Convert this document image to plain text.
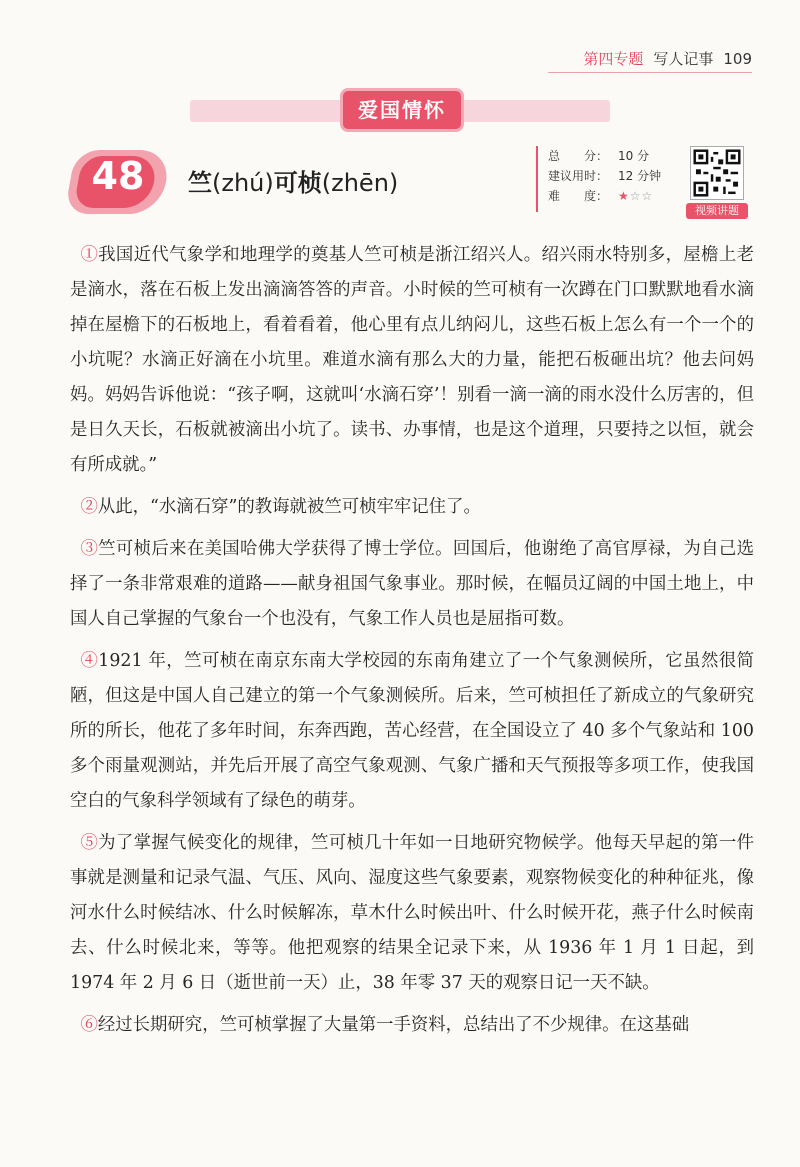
第四专题 写人记事 109
爱国情怀
48 竺(zhú)可桢(zhēn)
总　　分： 10 分
建议用时： 12 分钟
难　　度： ★☆☆
视频讲题

①我国近代气象学和地理学的奠基人竺可桢是浙江绍兴人。绍兴雨水特别多，屋檐上老是滴水，落在石板上发出滴滴答答的声音。小时候的竺可桢有一次蹲在门口默默地看水滴掉在屋檐下的石板地上，看着看着，他心里有点儿纳闷儿，这些石板上怎么有一个一个的小坑呢？水滴正好滴在小坑里。难道水滴有那么大的力量，能把石板砸出坑？他去问妈妈。妈妈告诉他说：“孩子啊，这就叫‘水滴石穿’！别看一滴一滴的雨水没什么厉害的，但是日久天长，石板就被滴出小坑了。读书、办事情，也是这个道理，只要持之以恒，就会有所成就。”

②从此，“水滴石穿”的教诲就被竺可桢牢牢记住了。

③竺可桢后来在美国哈佛大学获得了博士学位。回国后，他谢绝了高官厚禄，为自己选择了一条非常艰难的道路——献身祖国气象事业。那时候，在幅员辽阔的中国土地上，中国人自己掌握的气象台一个也没有，气象工作人员也是屈指可数。

④1921 年，竺可桢在南京东南大学校园的东南角建立了一个气象测候所，它虽然很简陋，但这是中国人自己建立的第一个气象测候所。后来，竺可桢担任了新成立的气象研究所的所长，他花了多年时间，东奔西跑，苦心经营，在全国设立了 40 多个气象站和 100 多个雨量观测站，并先后开展了高空气象观测、气象广播和天气预报等多项工作，使我国空白的气象科学领域有了绿色的萌芽。

⑤为了掌握气候变化的规律，竺可桢几十年如一日地研究物候学。他每天早起的第一件事就是测量和记录气温、气压、风向、湿度这些气象要素，观察物候变化的种种征兆，像河水什么时候结冰、什么时候解冻，草木什么时候出叶、什么时候开花，燕子什么时候南去、什么时候北来，等等。他把观察的结果全记录下来，从 1936 年 1 月 1 日起，到 1974 年 2 月 6 日（逝世前一天）止，38 年零 37 天的观察日记一天不缺。

⑥经过长期研究，竺可桢掌握了大量第一手资料，总结出了不少规律。在这基础
